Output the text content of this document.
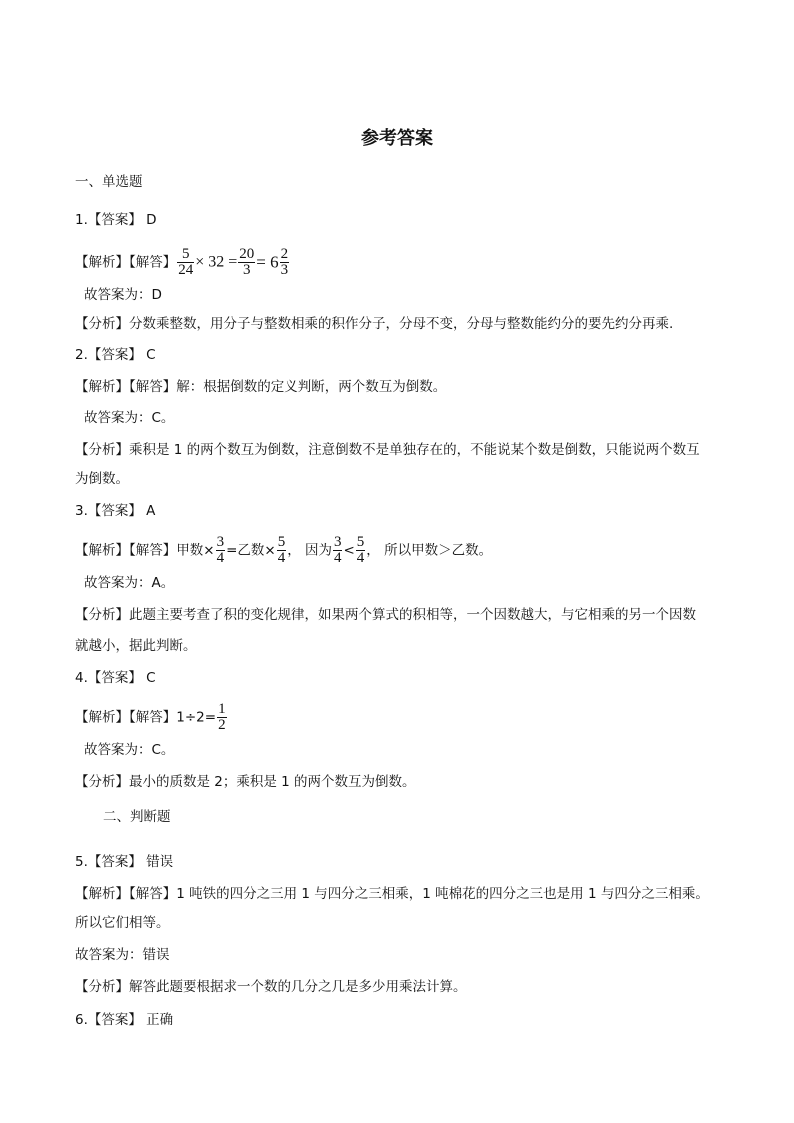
参考答案
一、单选题
1.【答案】 D
【解析】【解答】 $\frac{5}{24} \times 32 = \frac{20}{3} = 6 \frac{2}{3}$
故答案为：D
【分析】分数乘整数，用分子与整数相乘的积作分子，分母不变，分母与整数能约分的要先约分再乘.
2.【答案】 C
【解析】【解答】解：根据倒数的定义判断，两个数互为倒数。
故答案为：C。
【分析】乘积是 1 的两个数互为倒数，注意倒数不是单独存在的，不能说某个数是倒数，只能说两个数互
为倒数。
3.【答案】 A
【解析】【解答】甲数× $\frac{3}{4}$ =乙数× $\frac{5}{4}$ ， 因为 $\frac{3}{4} < \frac{5}{4}$ ， 所以甲数＞乙数。
故答案为：A。
【分析】此题主要考查了积的变化规律，如果两个算式的积相等，一个因数越大，与它相乘的另一个因数
就越小，据此判断。
4.【答案】 C
【解析】【解答】$1\div 2= \frac{1}{2}$
故答案为：C。
【分析】最小的质数是 2；乘积是 1 的两个数互为倒数。
二、判断题
5.【答案】 错误
【解析】【解答】1 吨铁的四分之三用 1 与四分之三相乘，1 吨棉花的四分之三也是用 1 与四分之三相乘。
所以它们相等。
故答案为：错误
【分析】解答此题要根据求一个数的几分之几是多少用乘法计算。
6.【答案】 正确
